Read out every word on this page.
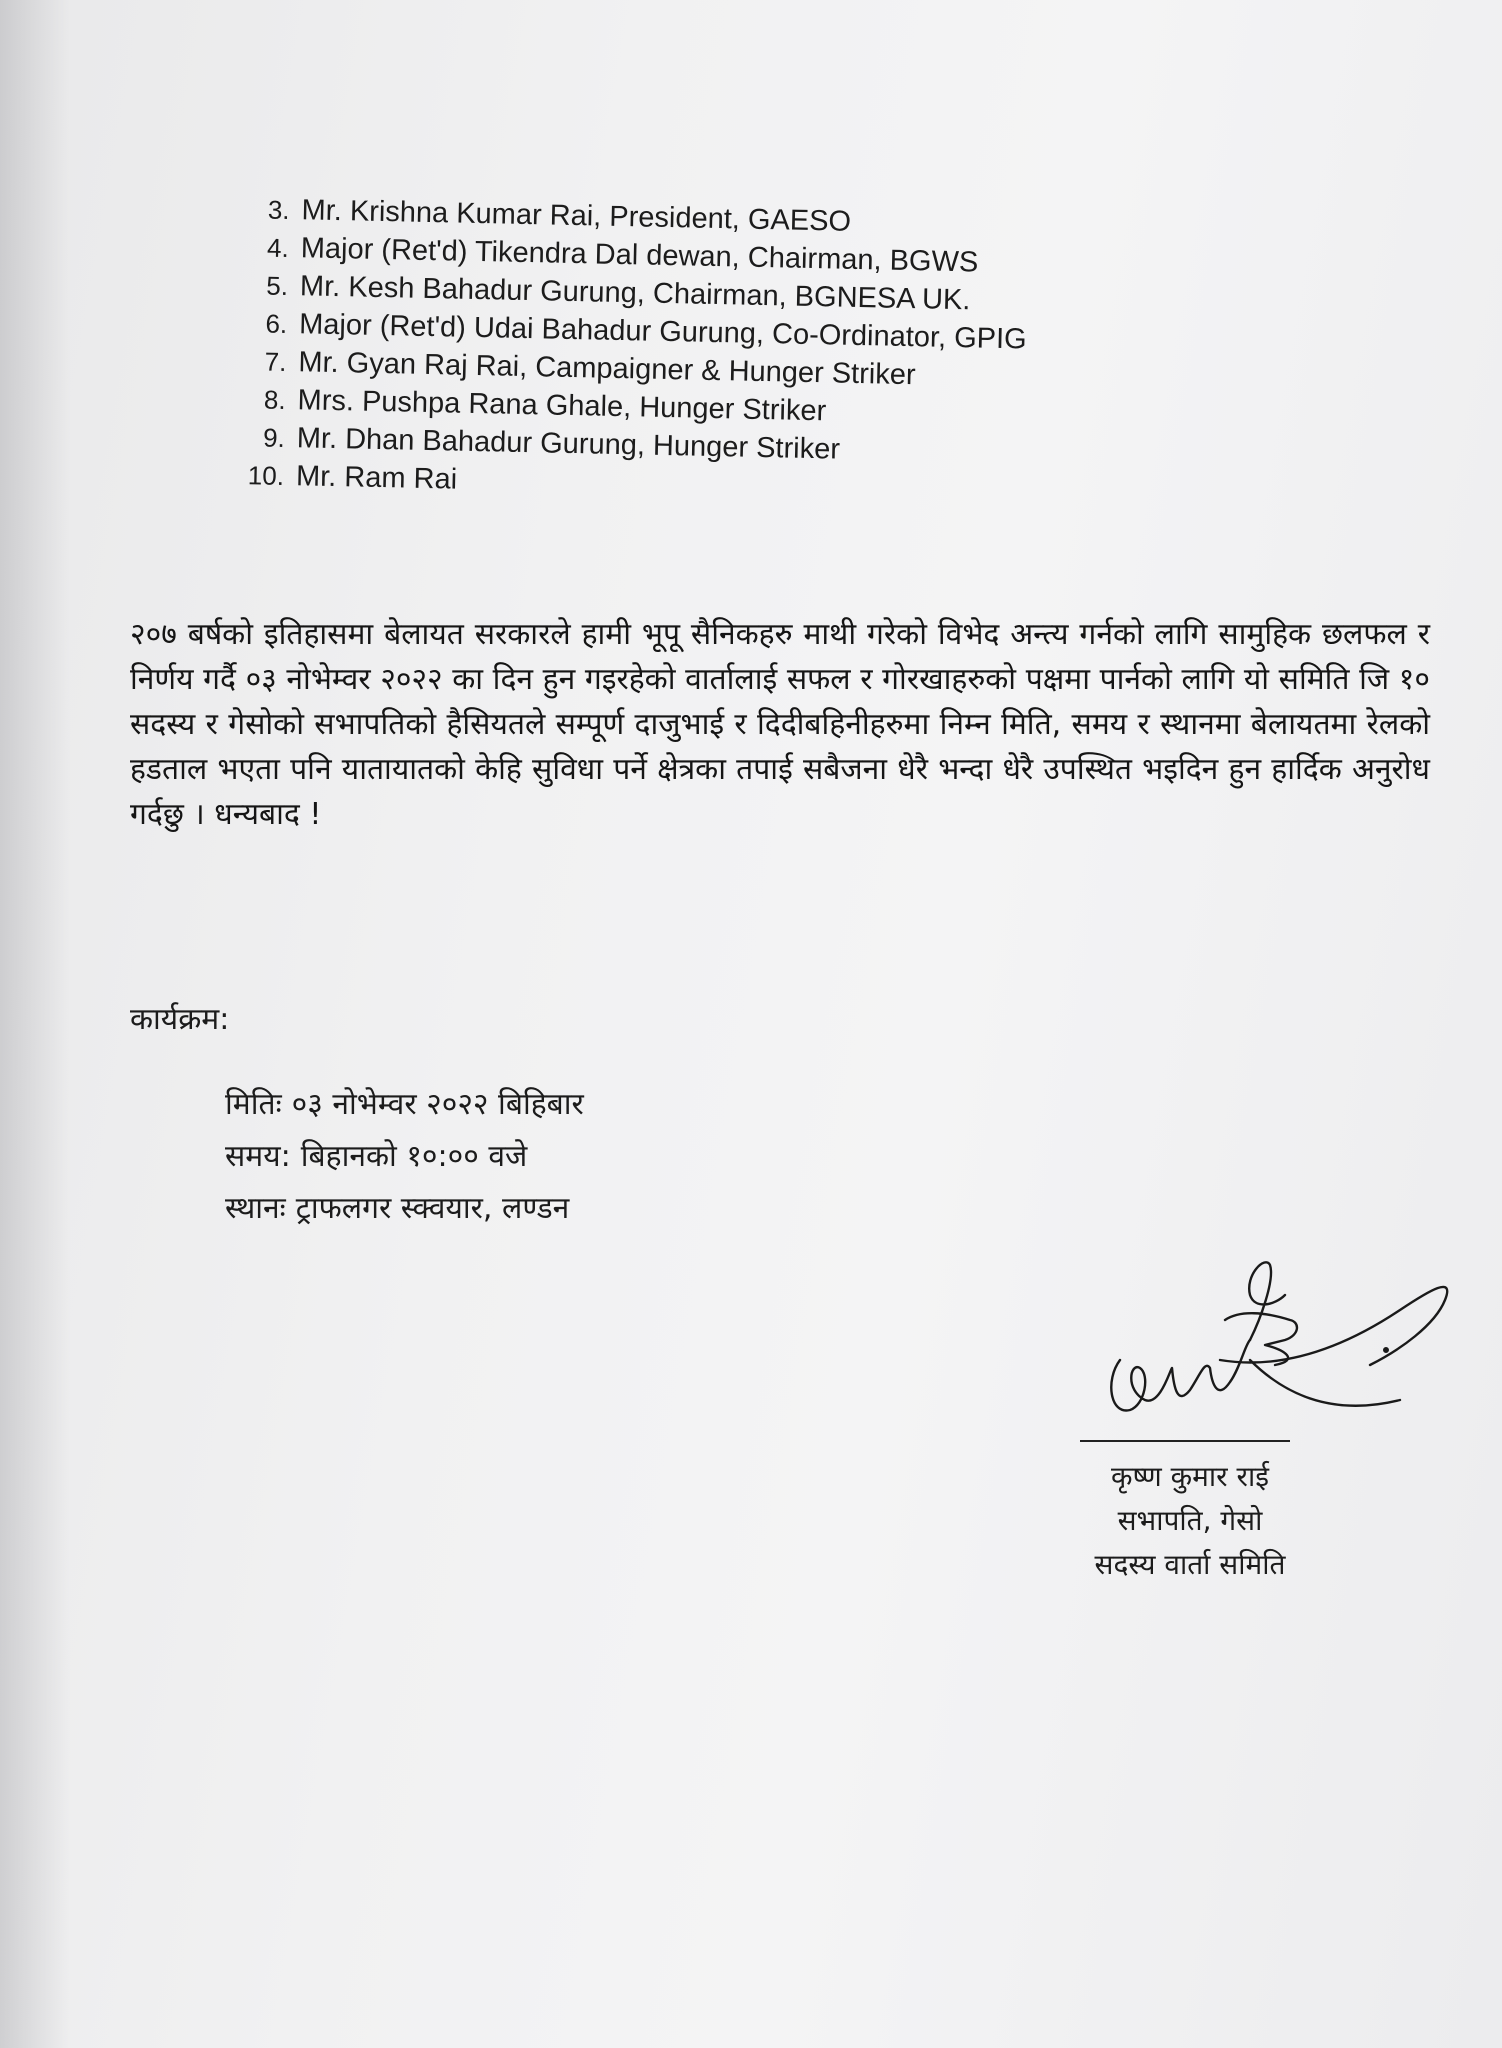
3. Mr. Krishna Kumar Rai, President, GAESO
4. Major (Ret'd) Tikendra Dal dewan, Chairman, BGWS
5. Mr. Kesh Bahadur Gurung, Chairman, BGNESA UK.
6. Major (Ret'd) Udai Bahadur Gurung, Co-Ordinator, GPIG
7. Mr. Gyan Raj Rai, Campaigner & Hunger Striker
8. Mrs. Pushpa Rana Ghale, Hunger Striker
9. Mr. Dhan Bahadur Gurung, Hunger Striker
10. Mr. Ram Rai
२०७ बर्षको इतिहासमा बेलायत सरकारले हामी भूपू सैनिकहरु माथी गरेको विभेद अन्त्य गर्नको लागि सामुहिक छलफल र निर्णय गर्दै ०३ नोभेम्वर २०२२ का दिन हुन गइरहेको वार्तालाई सफल र गोरखाहरुको पक्षमा पार्नको लागि यो समिति जि १० सदस्य र गेसोको सभापतिको हैसियतले सम्पूर्ण दाजुभाई र दिदीबहिनीहरुमा निम्न मिति, समय र स्थानमा बेलायतमा रेलको हडताल भएता पनि यातायातको केहि सुविधा पर्ने क्षेत्रका तपाई सबैजना धेरै भन्दा धेरै उपस्थित भइदिन हुन हार्दिक अनुरोध गर्दछु । धन्यबाद !
कार्यक्रम:
मितिः ०३ नोभेम्वर २०२२ बिहिबार
समय: बिहानको १०:०० वजे
स्थानः ट्राफलगर स्क्वयार, लण्डन
कृष्ण कुमार राई
सभापति, गेसो
सदस्य वार्ता समिति
